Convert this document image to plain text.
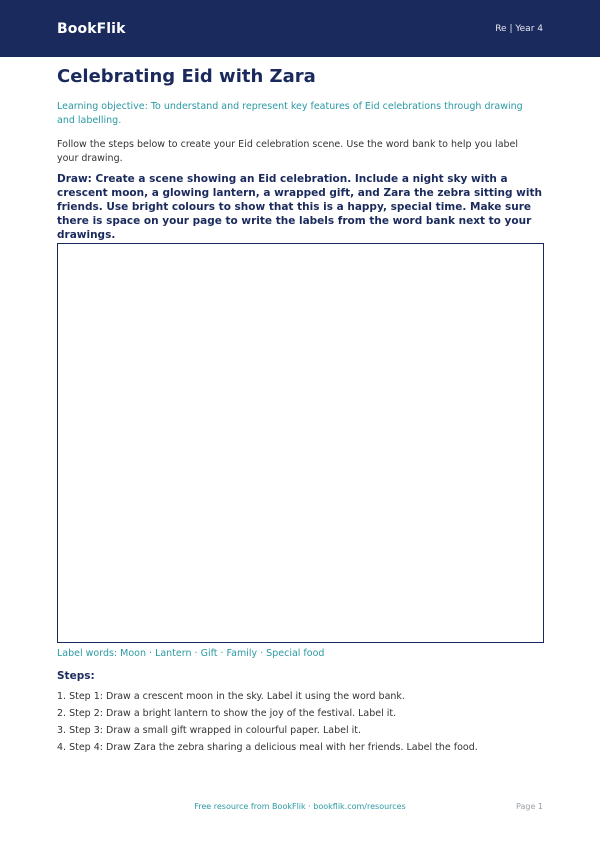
BookFlik	Re | Year 4
Celebrating Eid with Zara

Learning objective: To understand and represent key features of Eid celebrations through drawing and labelling.

Follow the steps below to create your Eid celebration scene. Use the word bank to help you label your drawing.

Draw: Create a scene showing an Eid celebration. Include a night sky with a crescent moon, a glowing lantern, a wrapped gift, and Zara the zebra sitting with friends. Use bright colours to show that this is a happy, special time. Make sure there is space on your page to write the labels from the word bank next to your drawings.

Label words: Moon · Lantern · Gift · Family · Special food

Steps:
1. Step 1: Draw a crescent moon in the sky. Label it using the word bank.
2. Step 2: Draw a bright lantern to show the joy of the festival. Label it.
3. Step 3: Draw a small gift wrapped in colourful paper. Label it.
4. Step 4: Draw Zara the zebra sharing a delicious meal with her friends. Label the food.
Free resource from BookFlik · bookflik.com/resources	Page 1
